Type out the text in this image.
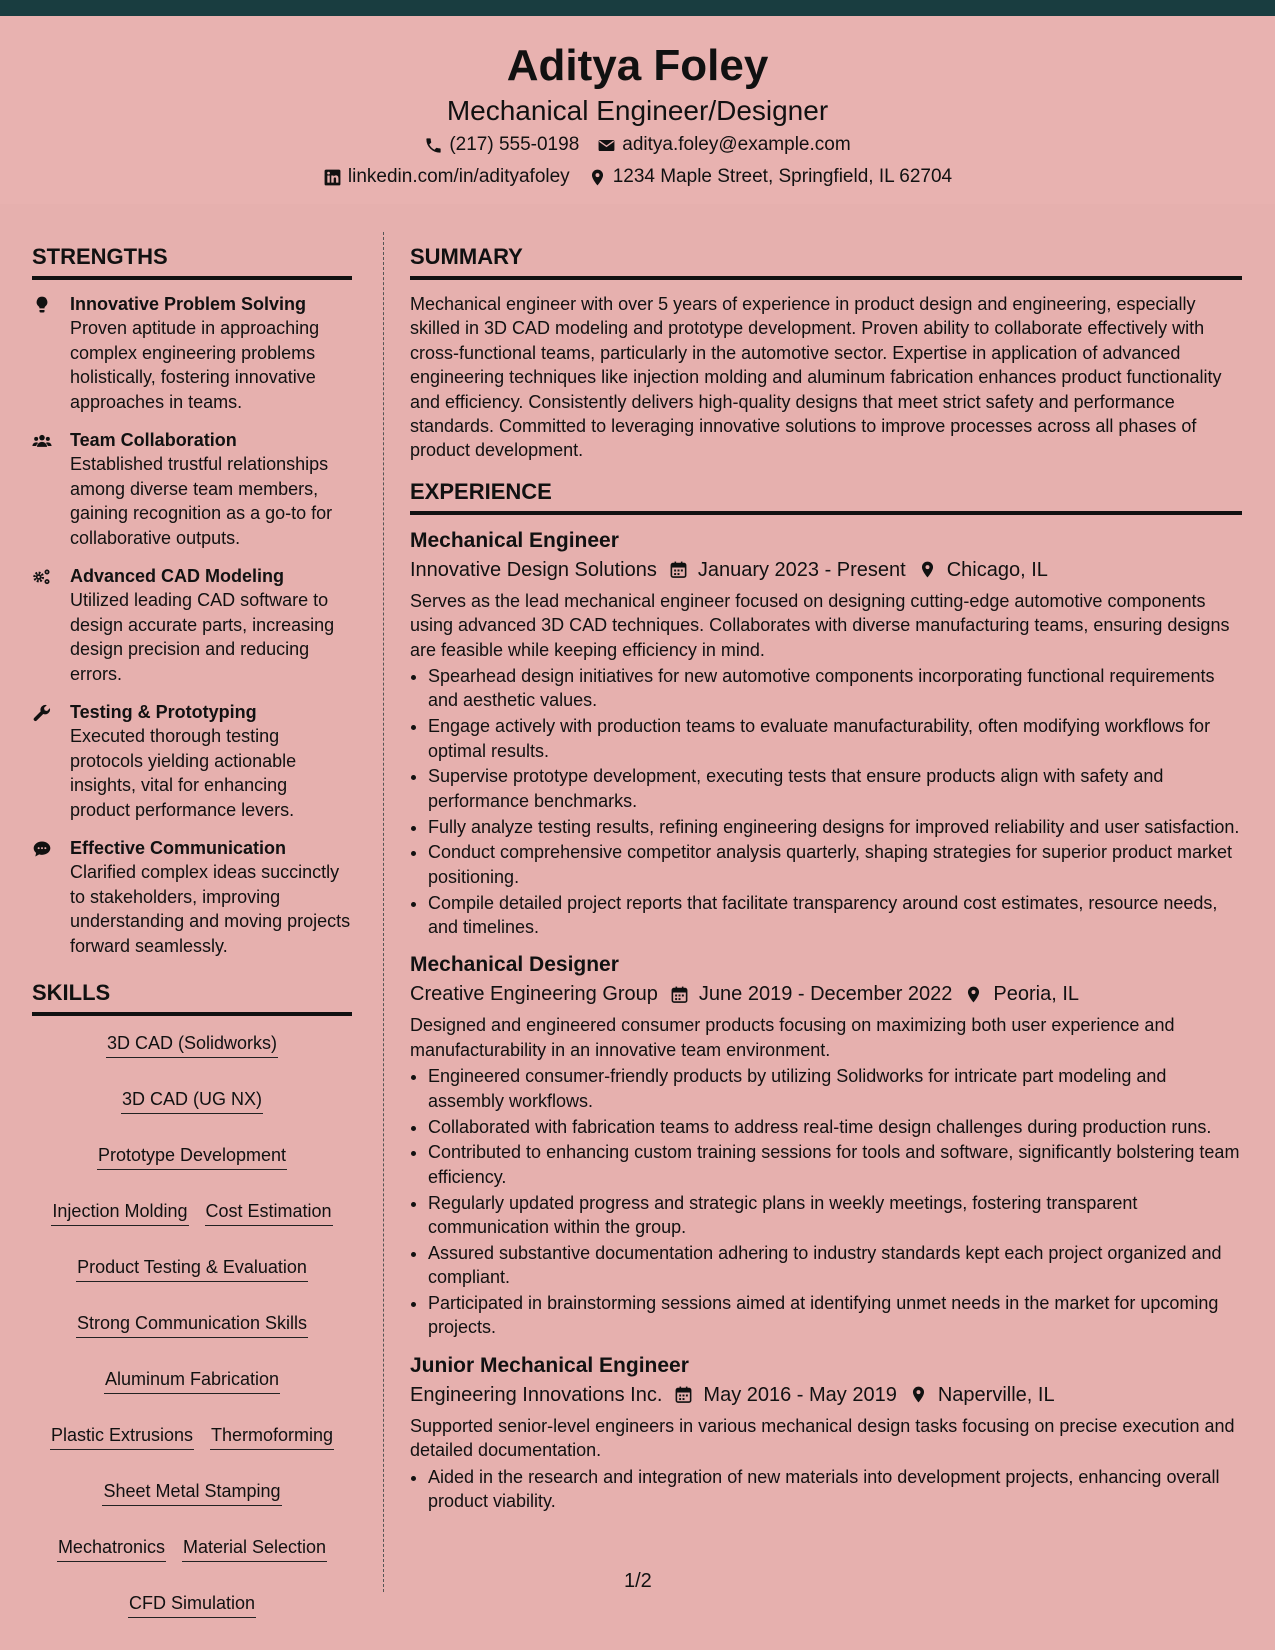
Aditya Foley
Mechanical Engineer/Designer
(217) 555-0198 aditya.foley@example.com
linkedin.com/in/adityafoley 1234 Maple Street, Springfield, IL 62704
STRENGTHS
Innovative Problem Solving
Proven aptitude in approaching complex engineering problems holistically, fostering innovative approaches in teams.
Team Collaboration
Established trustful relationships among diverse team members, gaining recognition as a go-to for collaborative outputs.
Advanced CAD Modeling
Utilized leading CAD software to design accurate parts, increasing design precision and reducing errors.
Testing & Prototyping
Executed thorough testing protocols yielding actionable insights, vital for enhancing product performance levers.
Effective Communication
Clarified complex ideas succinctly to stakeholders, improving understanding and moving projects forward seamlessly.
SKILLS
3D CAD (Solidworks)
3D CAD (UG NX)
Prototype Development
Injection Molding Cost Estimation
Product Testing & Evaluation
Strong Communication Skills
Aluminum Fabrication
Plastic Extrusions Thermoforming
Sheet Metal Stamping
Mechatronics Material Selection
CFD Simulation
SUMMARY
Mechanical engineer with over 5 years of experience in product design and engineering, especially skilled in 3D CAD modeling and prototype development. Proven ability to collaborate effectively with cross-functional teams, particularly in the automotive sector. Expertise in application of advanced engineering techniques like injection molding and aluminum fabrication enhances product functionality and efficiency. Consistently delivers high-quality designs that meet strict safety and performance standards. Committed to leveraging innovative solutions to improve processes across all phases of product development.
EXPERIENCE
Mechanical Engineer
Innovative Design Solutions January 2023 - Present Chicago, IL
Serves as the lead mechanical engineer focused on designing cutting-edge automotive components using advanced 3D CAD techniques. Collaborates with diverse manufacturing teams, ensuring designs are feasible while keeping efficiency in mind.
• Spearhead design initiatives for new automotive components incorporating functional requirements and aesthetic values.
• Engage actively with production teams to evaluate manufacturability, often modifying workflows for optimal results.
• Supervise prototype development, executing tests that ensure products align with safety and performance benchmarks.
• Fully analyze testing results, refining engineering designs for improved reliability and user satisfaction.
• Conduct comprehensive competitor analysis quarterly, shaping strategies for superior product market positioning.
• Compile detailed project reports that facilitate transparency around cost estimates, resource needs, and timelines.
Mechanical Designer
Creative Engineering Group June 2019 - December 2022 Peoria, IL
Designed and engineered consumer products focusing on maximizing both user experience and manufacturability in an innovative team environment.
• Engineered consumer-friendly products by utilizing Solidworks for intricate part modeling and assembly workflows.
• Collaborated with fabrication teams to address real-time design challenges during production runs.
• Contributed to enhancing custom training sessions for tools and software, significantly bolstering team efficiency.
• Regularly updated progress and strategic plans in weekly meetings, fostering transparent communication within the group.
• Assured substantive documentation adhering to industry standards kept each project organized and compliant.
• Participated in brainstorming sessions aimed at identifying unmet needs in the market for upcoming projects.
Junior Mechanical Engineer
Engineering Innovations Inc. May 2016 - May 2019 Naperville, IL
Supported senior-level engineers in various mechanical design tasks focusing on precise execution and detailed documentation.
• Aided in the research and integration of new materials into development projects, enhancing overall product viability.
1/2
